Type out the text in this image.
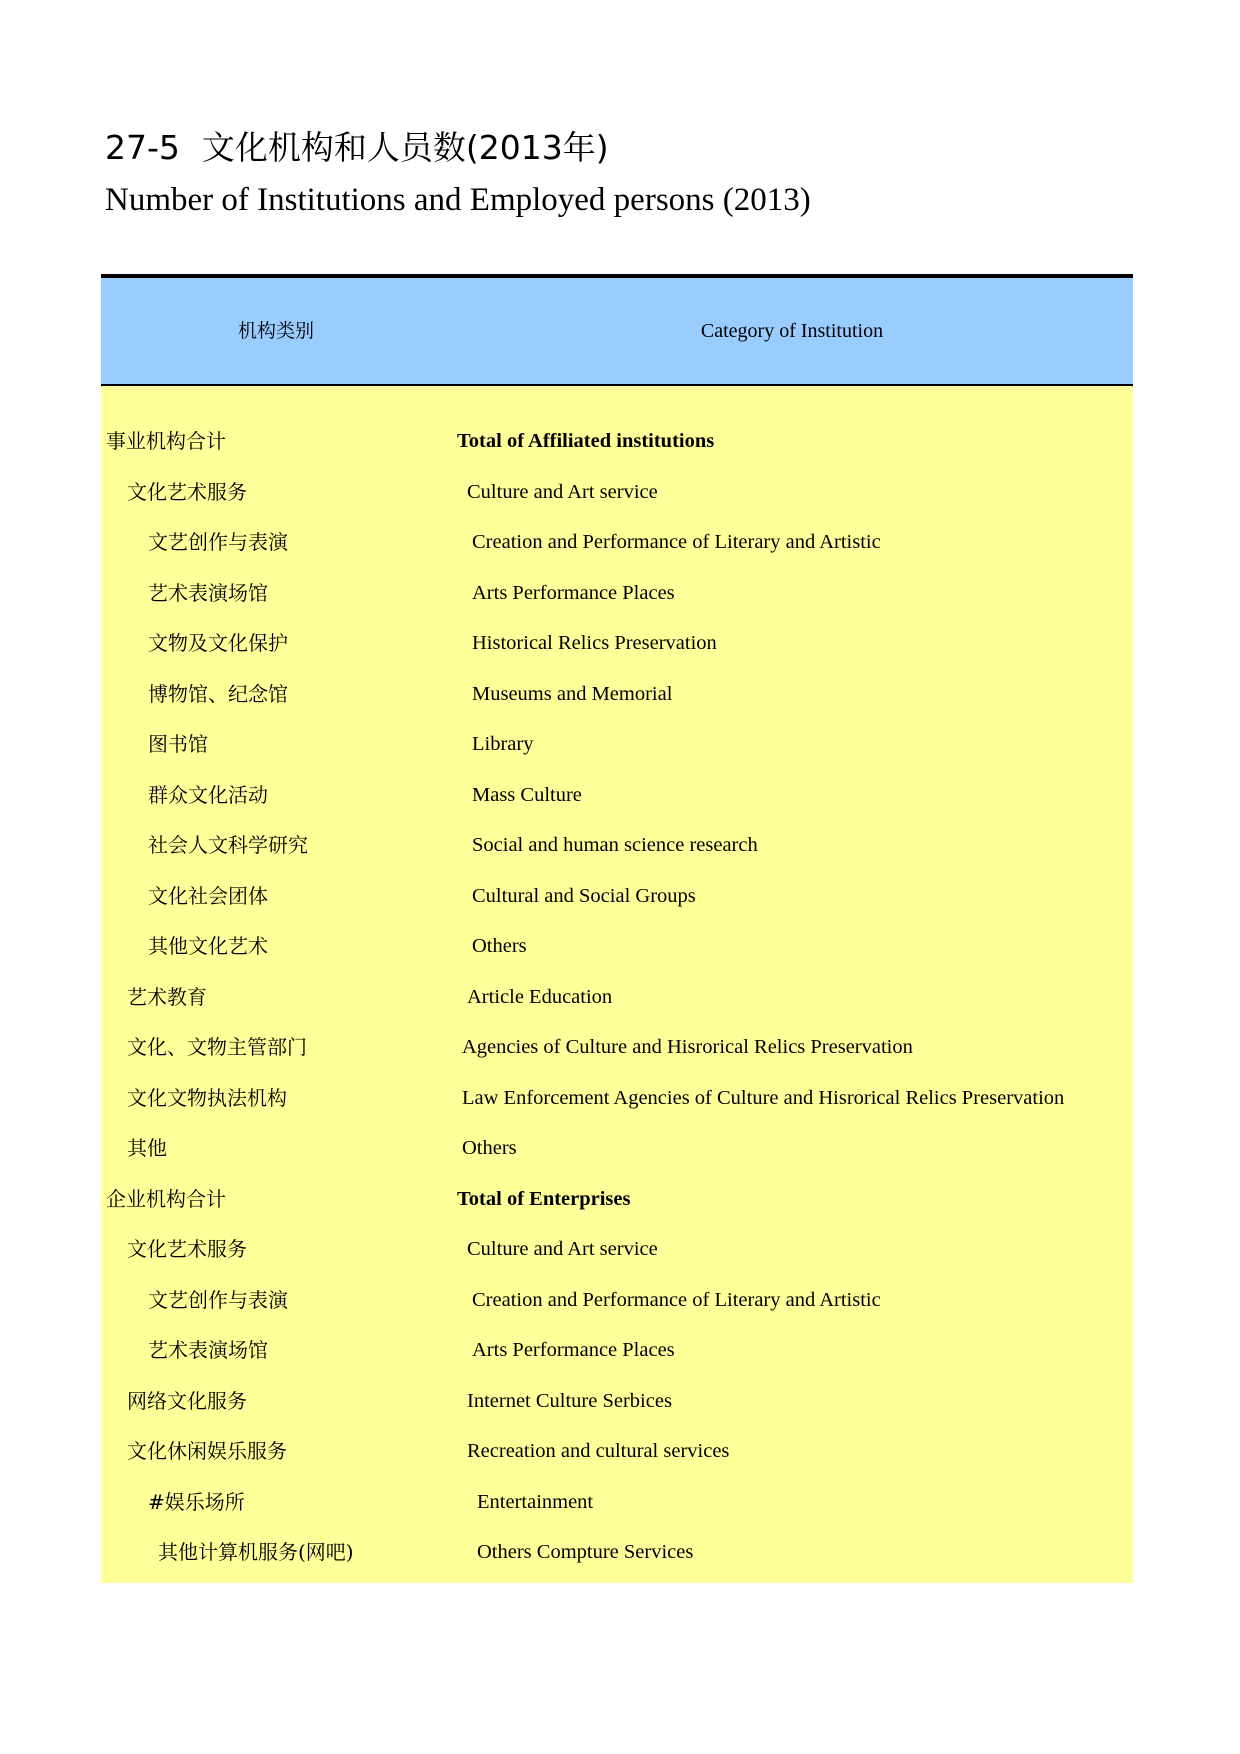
27-5 文化机构和人员数(2013年)
Number of Institutions and Employed persons (2013)
机构类别	Category of Institution
事业机构合计	Total of Affiliated institutions
文化艺术服务	Culture and Art service
文艺创作与表演	Creation and Performance of Literary and Artistic
艺术表演场馆	Arts Performance Places
文物及文化保护	Historical Relics Preservation
博物馆、纪念馆	Museums and Memorial
图书馆	Library
群众文化活动	Mass Culture
社会人文科学研究	Social and human science research
文化社会团体	Cultural and Social Groups
其他文化艺术	Others
艺术教育	Article Education
文化、文物主管部门	Agencies of Culture and Hisrorical Relics Preservation
文化文物执法机构	Law Enforcement Agencies of Culture and Hisrorical Relics Preservation
其他	Others
企业机构合计	Total of Enterprises
文化艺术服务	Culture and Art service
文艺创作与表演	Creation and Performance of Literary and Artistic
艺术表演场馆	Arts Performance Places
网络文化服务	Internet Culture Serbices
文化休闲娱乐服务	Recreation and cultural services
#娱乐场所	Entertainment
其他计算机服务(网吧)	Others Compture Services
